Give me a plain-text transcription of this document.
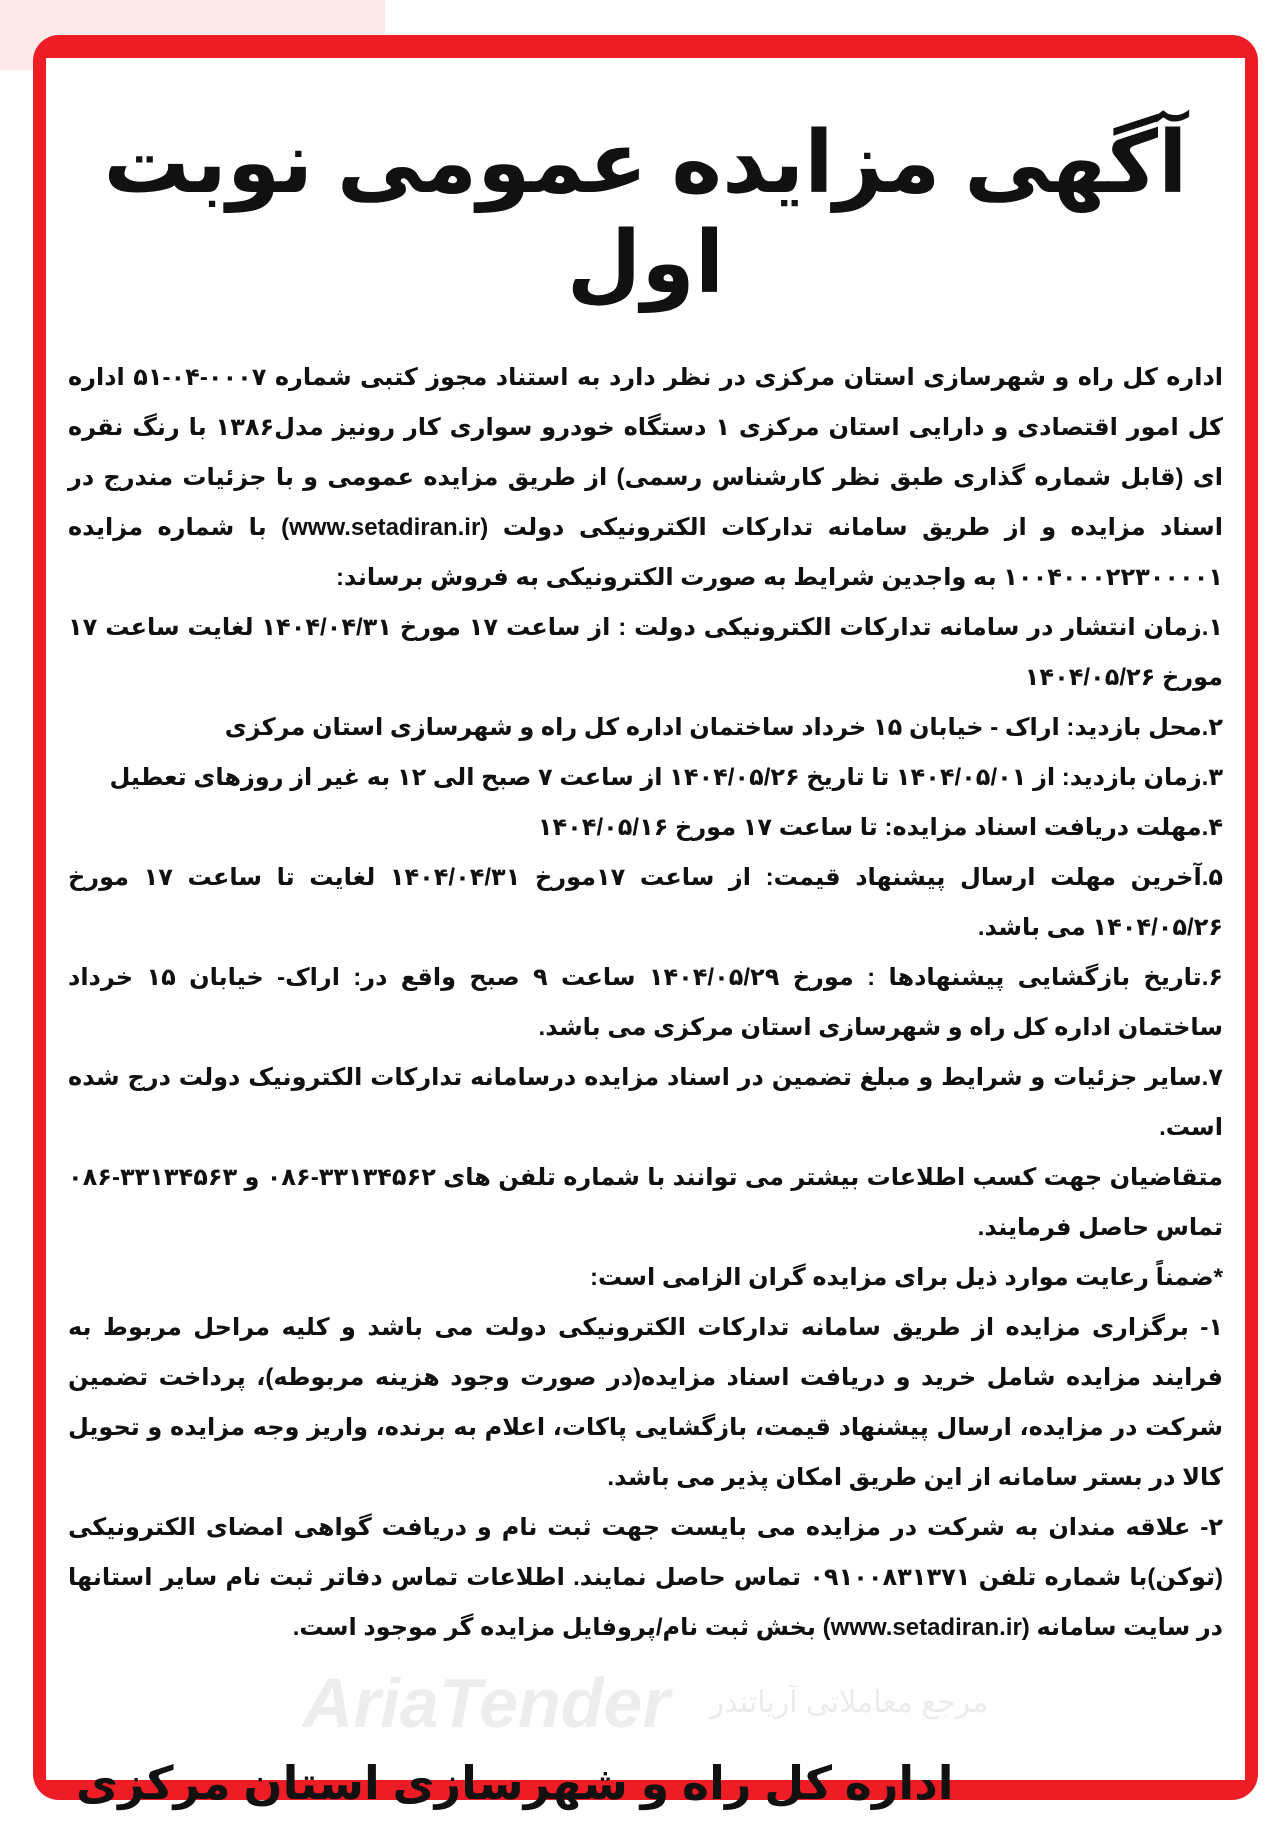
آگهی مزایده عمومی نوبت اول

اداره کل راه و شهرسازی استان مرکزی در نظر دارد به استناد مجوز کتبی شماره ۰۰۰۷-۰۴-۵۱ اداره کل امور اقتصادی و دارایی استان مرکزی ۱ دستگاه خودرو سواری کار رونیز مدل۱۳۸۶ با رنگ نقره ای (قابل شماره گذاری طبق نظر کارشناس رسمی) از طریق مزایده عمومی و با جزئیات مندرج در اسناد مزایده و از طریق سامانه تدارکات الکترونیکی دولت (www.setadiran.ir) با شماره مزایده ۱۰۰۴۰۰۰۲۲۳۰۰۰۰۱ به واجدین شرایط به صورت الکترونیکی به فروش برساند:

۱.زمان انتشار در سامانه تدارکات الکترونیکی دولت : از ساعت ۱۷ مورخ ۱۴۰۴/۰۴/۳۱ لغایت ساعت ۱۷ مورخ ۱۴۰۴/۰۵/۲۶

۲.محل بازدید: اراک - خیابان ۱۵ خرداد ساختمان اداره کل راه و شهرسازی استان مرکزی

۳.زمان بازدید: از ۱۴۰۴/۰۵/۰۱ تا تاریخ ۱۴۰۴/۰۵/۲۶ از ساعت ۷ صبح الی ۱۲ به غیر از روزهای تعطیل

۴.مهلت دریافت اسناد مزایده: تا ساعت ۱۷ مورخ ۱۴۰۴/۰۵/۱۶

۵.آخرین مهلت ارسال پیشنهاد قیمت: از ساعت ۱۷مورخ ۱۴۰۴/۰۴/۳۱ لغایت تا ساعت ۱۷ مورخ ۱۴۰۴/۰۵/۲۶ می باشد.

۶.تاریخ بازگشایی پیشنهادها : مورخ ۱۴۰۴/۰۵/۲۹ ساعت ۹ صبح واقع در: اراک- خیابان ۱۵ خرداد ساختمان اداره کل راه و شهرسازی استان مرکزی می باشد.

۷.سایر جزئیات و شرایط و مبلغ تضمین در اسناد مزایده درسامانه تدارکات الکترونیک دولت درج شده است.

متقاضیان جهت کسب اطلاعات بیشتر می توانند با شماره تلفن های ۳۳۱۳۴۵۶۲-۰۸۶ و ۳۳۱۳۴۵۶۳-۰۸۶ تماس حاصل فرمایند.

*ضمناً رعایت موارد ذیل برای مزایده گران الزامی است:

۱- برگزاری مزایده از طریق سامانه تدارکات الکترونیکی دولت می باشد و کلیه مراحل مربوط به فرایند مزایده شامل خرید و دریافت اسناد مزایده(در صورت وجود هزینه مربوطه)، پرداخت تضمین شرکت در مزایده، ارسال پیشنهاد قیمت، بازگشایی پاکات، اعلام به برنده، واریز وجه مزایده و تحویل کالا در بستر سامانه از این طریق امکان پذیر می باشد.

۲- علاقه مندان به شرکت در مزایده می بایست جهت ثبت نام و دریافت گواهی امضای الکترونیکی (توکن)با شماره تلفن ۰۹۱۰۰۸۳۱۳۷۱ تماس حاصل نمایند. اطلاعات تماس دفاتر ثبت نام سایر استانها در سایت سامانه (www.setadiran.ir) بخش ثبت نام/پروفایل مزایده گر موجود است.

AriaTender مرجع معاملاتی آریاتندر
اداره کل راه و شهرسازی استان مرکزی
